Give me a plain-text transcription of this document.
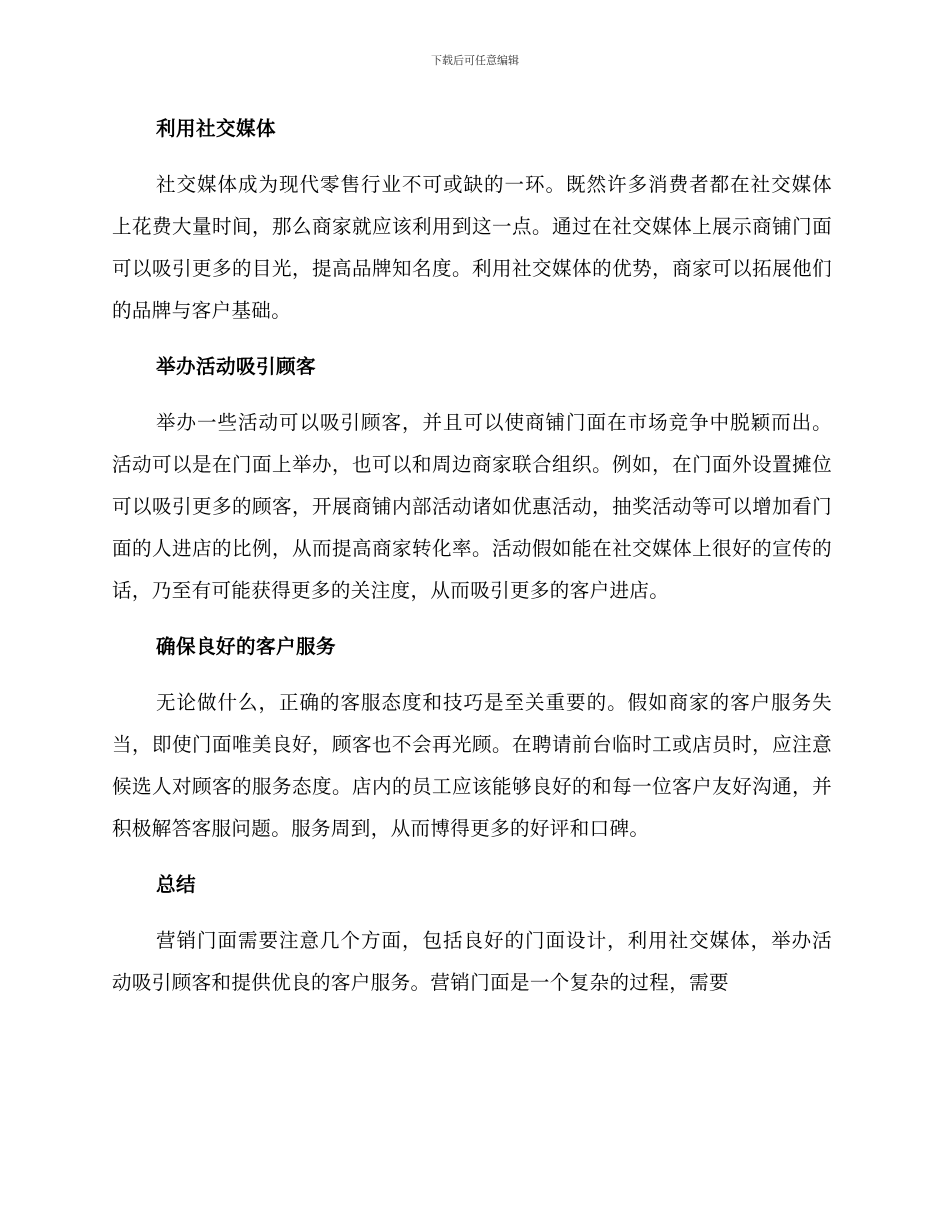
下载后可任意编辑
利用社交媒体

社交媒体成为现代零售行业不可或缺的一环。既然许多消费者都在社交媒体上花费大量时间，那么商家就应该利用到这一点。通过在社交媒体上展示商铺门面可以吸引更多的目光，提高品牌知名度。利用社交媒体的优势，商家可以拓展他们的品牌与客户基础。

举办活动吸引顾客

举办一些活动可以吸引顾客，并且可以使商铺门面在市场竞争中脱颖而出。活动可以是在门面上举办，也可以和周边商家联合组织。例如，在门面外设置摊位可以吸引更多的顾客，开展商铺内部活动诸如优惠活动，抽奖活动等可以增加看门面的人进店的比例，从而提高商家转化率。活动假如能在社交媒体上很好的宣传的话，乃至有可能获得更多的关注度，从而吸引更多的客户进店。

确保良好的客户服务

无论做什么，正确的客服态度和技巧是至关重要的。假如商家的客户服务失当，即使门面唯美良好，顾客也不会再光顾。在聘请前台临时工或店员时，应注意候选人对顾客的服务态度。店内的员工应该能够良好的和每一位客户友好沟通，并积极解答客服问题。服务周到，从而博得更多的好评和口碑。

总结

营销门面需要注意几个方面，包括良好的门面设计，利用社交媒体，举办活动吸引顾客和提供优良的客户服务。营销门面是一个复杂的过程，需要
